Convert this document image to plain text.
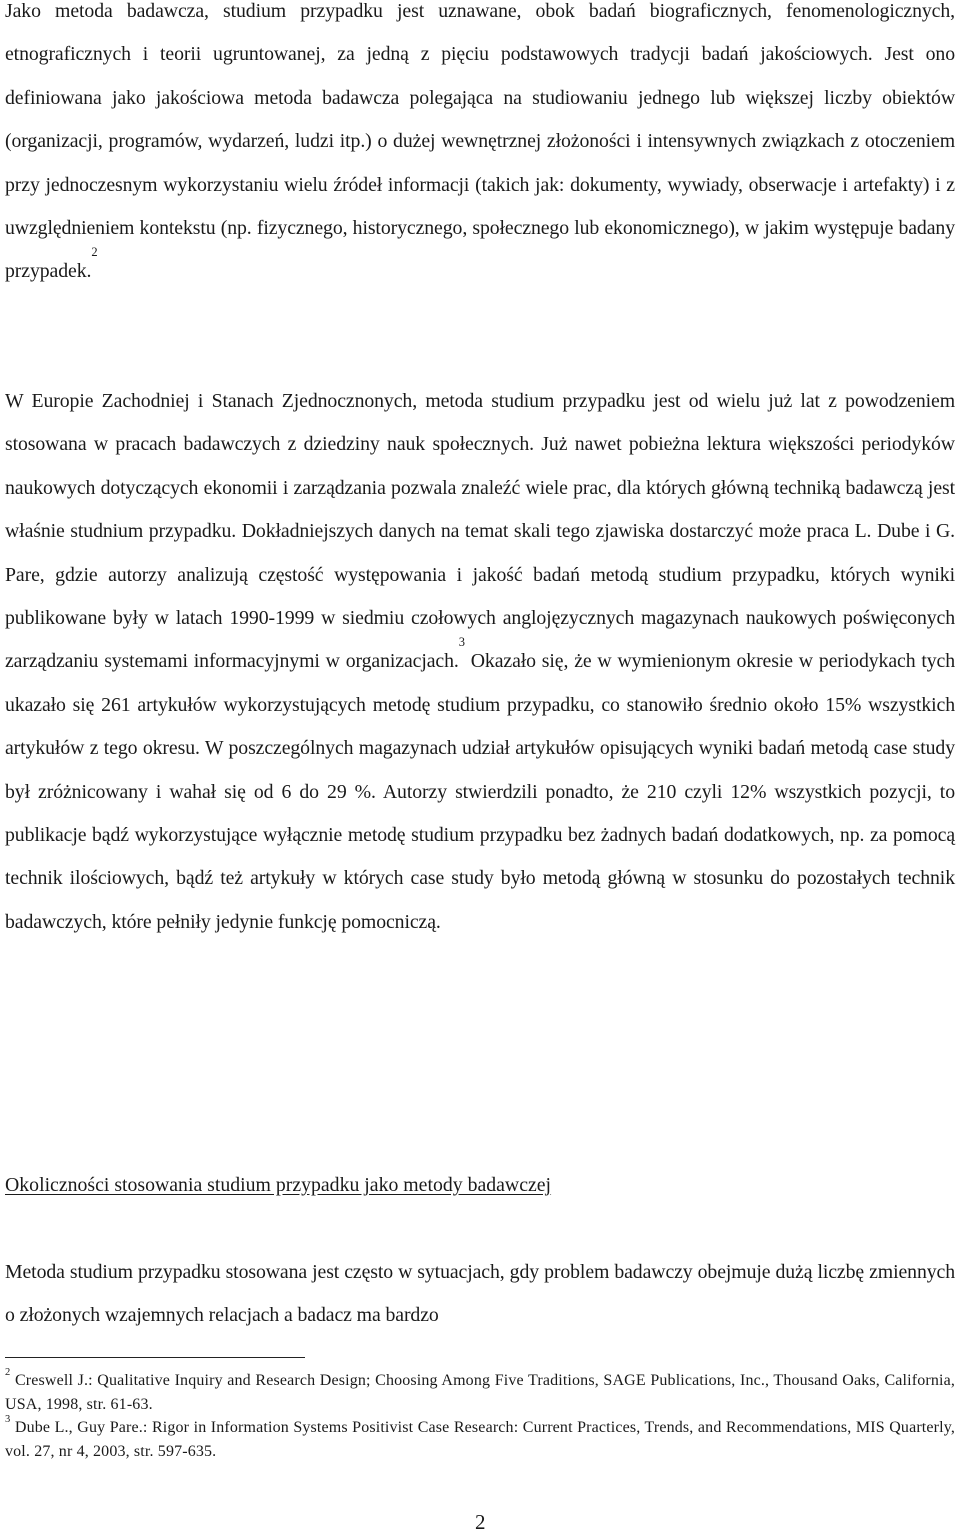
Jako metoda badawcza, studium przypadku jest uznawane, obok badań biograficznych, fenomenologicznych, etnograficznych i teorii ugruntowanej, za jedną z pięciu podstawowych tradycji badań jakościowych. Jest ono definiowana jako jakościowa metoda badawcza polegająca na studiowaniu jednego lub większej liczby obiektów (organizacji, programów, wydarzeń, ludzi itp.) o dużej wewnętrznej złożoności i intensywnych związkach z otoczeniem przy jednoczesnym wykorzystaniu wielu źródeł informacji (takich jak: dokumenty, wywiady, obserwacje i artefakty) i z uwzględnieniem kontekstu (np. fizycznego, historycznego, społecznego lub ekonomicznego), w jakim występuje badany przypadek.$^2$

W Europie Zachodniej i Stanach Zjednocznonych, metoda studium przypadku jest od wielu już lat z powodzeniem stosowana w pracach badawczych z dziedziny nauk społecznych. Już nawet pobieżna lektura większości periodyków naukowych dotyczących ekonomii i zarządzania pozwala znaleźć wiele prac, dla których główną techniką badawczą jest właśnie studnium przypadku. Dokładniejszych danych na temat skali tego zjawiska dostarczyć może praca L. Dube i G. Pare, gdzie autorzy analizują częstość występowania i jakość badań metodą studium przypadku, których wyniki publikowane były w latach 1990-1999 w siedmiu czołowych anglojęzycznych magazynach naukowych poświęconych zarządzaniu systemami informacyjnymi w organizacjach.$^3$ Okazało się, że w wymienionym okresie w periodykach tych ukazało się 261 artykułów wykorzystujących metodę studium przypadku, co stanowiło średnio około 15% wszystkich artykułów z tego okresu. W poszczególnych magazynach udział artykułów opisujących wyniki badań metodą case study był zróżnicowany i wahał się od 6 do 29 %. Autorzy stwierdzili ponadto, że 210 czyli 12% wszystkich pozycji, to publikacje bądź wykorzystujące wyłącznie metodę studium przypadku bez żadnych badań dodatkowych, np. za pomocą technik ilościowych, bądź też artykuły w których case study było metodą główną w stosunku do pozostałych technik badawczych, które pełniły jedynie funkcję pomocniczą.

Okoliczności stosowania studium przypadku jako metody badawczej

Metoda studium przypadku stosowana jest często w sytuacjach, gdy problem badawczy obejmuje dużą liczbę zmiennych o złożonych wzajemnych relacjach a badacz ma bardzo

$^2$ Creswell J.: Qualitative Inquiry and Research Design; Choosing Among Five Traditions, SAGE Publications, Inc., Thousand Oaks, California, USA, 1998, str. 61-63.

$^3$ Dube L., Guy Pare.: Rigor in Information Systems Positivist Case Research: Current Practices, Trends, and Recommendations, MIS Quarterly, vol. 27, nr 4, 2003, str. 597-635.

2
